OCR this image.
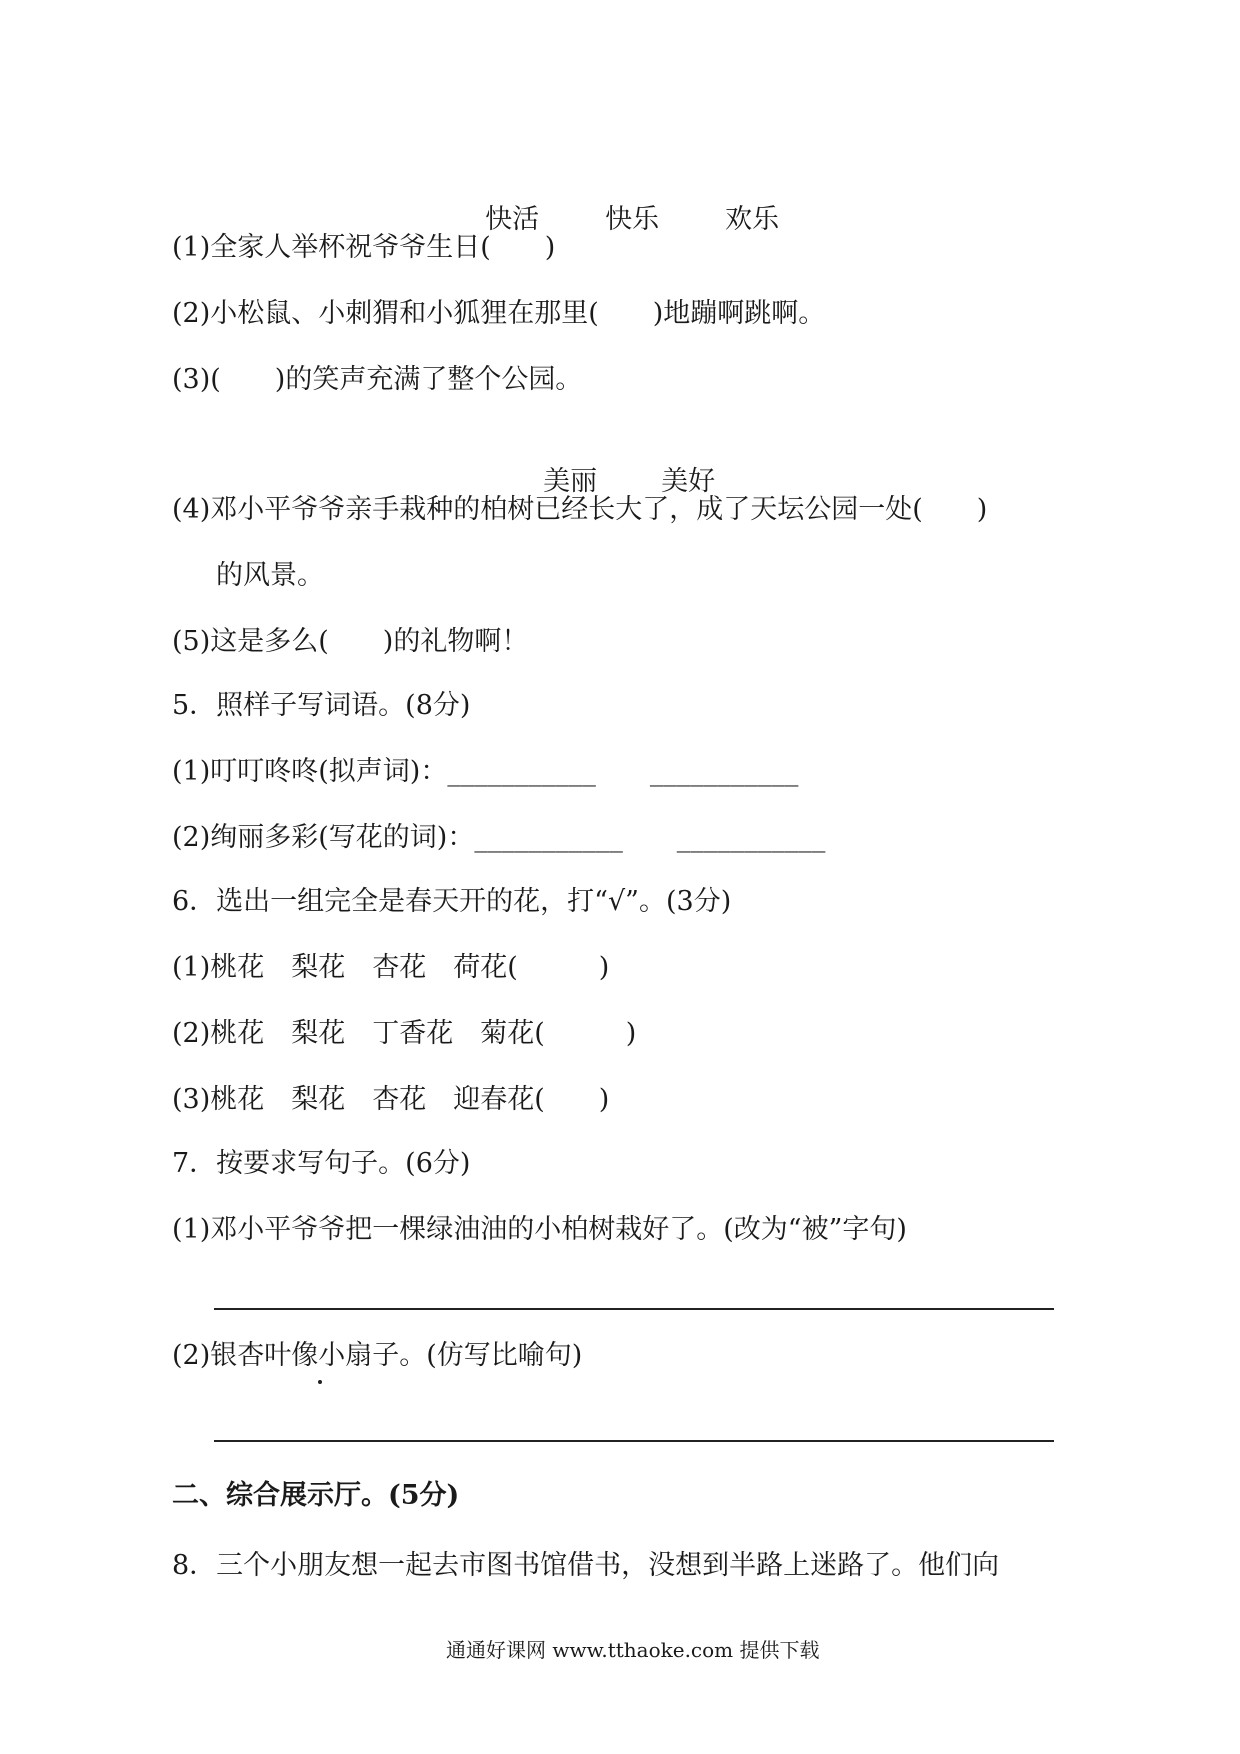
快活 快乐 欢乐

(1)全家人举杯祝爷爷生日(　　)
(2)小松鼠、小刺猬和小狐狸在那里(　　)地蹦啊跳啊。
(3)(　　)的笑声充满了整个公园。

美丽 美好

(4)邓小平爷爷亲手栽种的柏树已经长大了，成了天坛公园一处(　　)
的风景。
(5)这是多么(　　)的礼物啊！
5．照样子写词语。(8分)
(1)叮叮咚咚(拟声词)：___________　　___________
(2)绚丽多彩(写花的词)：___________　　___________
6．选出一组完全是春天开的花，打“√”。(3分)
(1)桃花　梨花　杏花　荷花(　　　)
(2)桃花　梨花　丁香花　菊花(　　　)
(3)桃花　梨花　杏花　迎春花(　　)
7．按要求写句子。(6分)
(1)邓小平爷爷把一棵绿油油的小柏树栽好了。(改为“被”字句)
(2)银杏叶像小扇子。(仿写比喻句)
二、综合展示厅。(5分)
8．三个小朋友想一起去市图书馆借书，没想到半路上迷路了。他们向
通通好课网 www.tthaoke.com 提供下载
